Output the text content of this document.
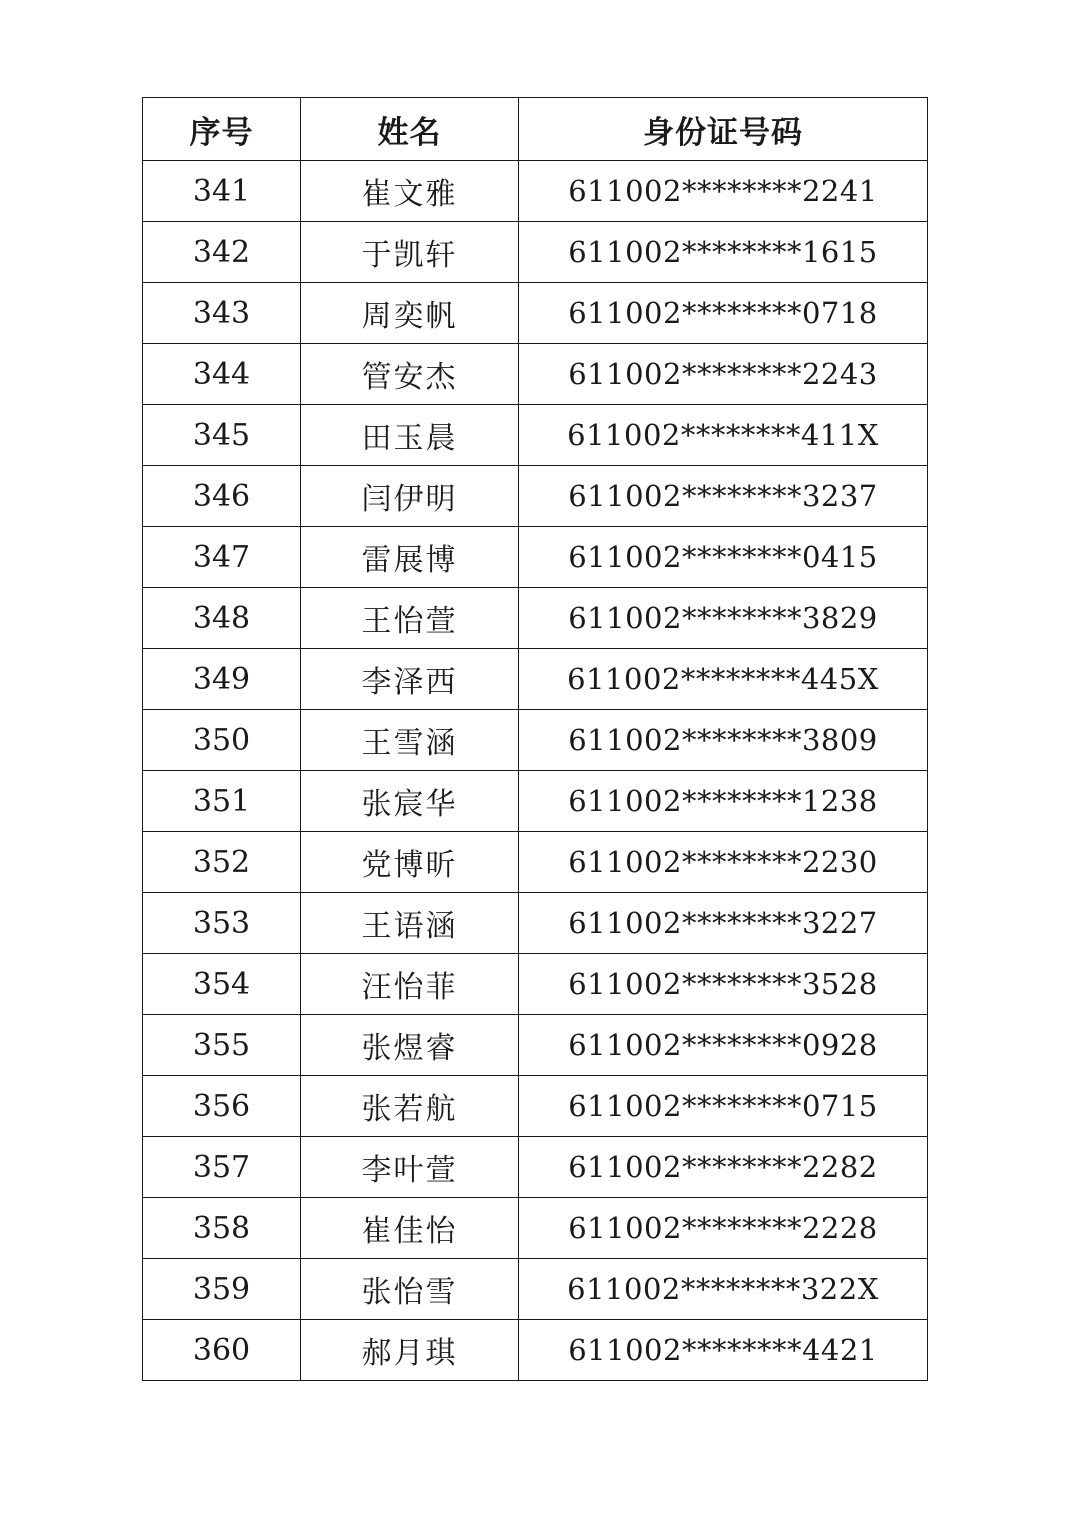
序号	姓名	身份证号码
341	崔文雅	611002********2241
342	于凯轩	611002********1615
343	周奕帆	611002********0718
344	管安杰	611002********2243
345	田玉晨	611002********411X
346	闫伊明	611002********3237
347	雷展博	611002********0415
348	王怡萱	611002********3829
349	李泽西	611002********445X
350	王雪涵	611002********3809
351	张宸华	611002********1238
352	党博昕	611002********2230
353	王语涵	611002********3227
354	汪怡菲	611002********3528
355	张煜睿	611002********0928
356	张若航	611002********0715
357	李叶萱	611002********2282
358	崔佳怡	611002********2228
359	张怡雪	611002********322X
360	郝月琪	611002********4421
